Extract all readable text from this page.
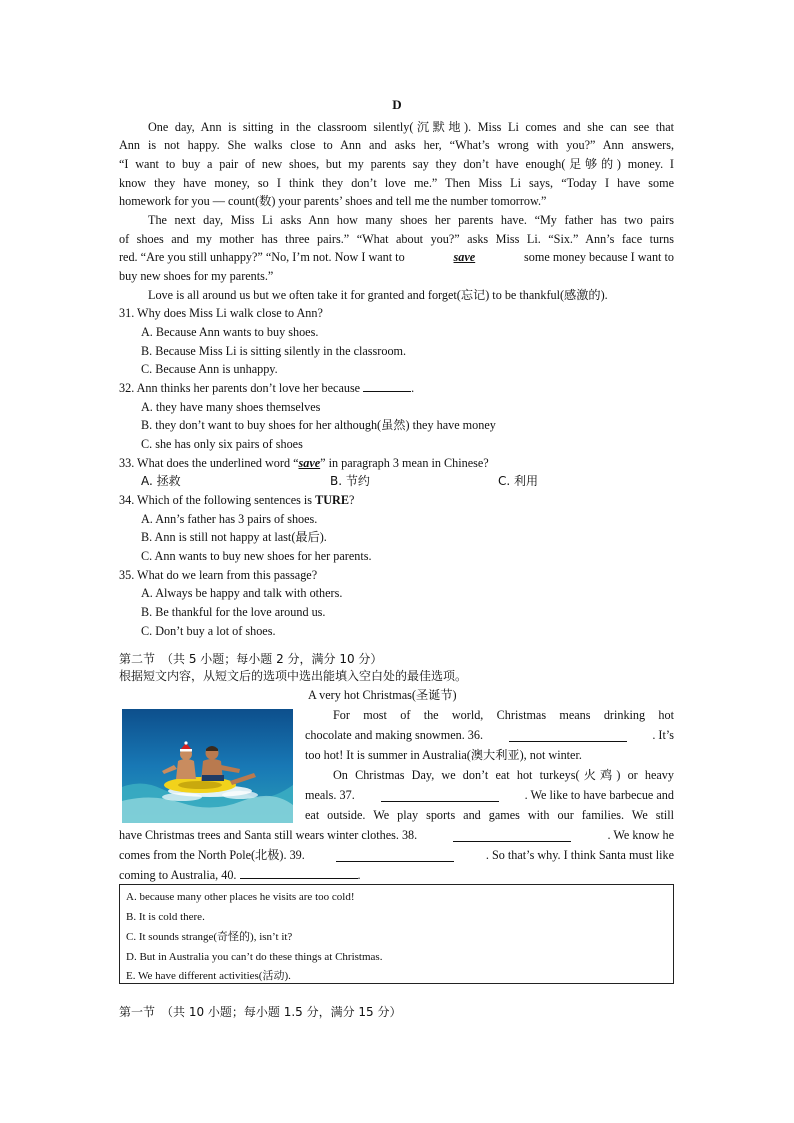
D
One day, Ann is sitting in the classroom silently(沉默地). Miss Li comes and she can see that
Ann is not happy. She walks close to Ann and asks her, “What’s wrong with you?” Ann answers,
“I want to buy a pair of new shoes, but my parents say they don’t have enough(足够的) money. I
know they have money, so I think they don’t love me.” Then Miss Li says, “Today I have some
homework for you — count(数) your parents’ shoes and tell me the number tomorrow.”
The next day, Miss Li asks Ann how many shoes her parents have. “My father has two pairs
of shoes and my mother has three pairs.” “What about you?” asks Miss Li. “Six.” Ann’s face turns
red. “Are you still unhappy?” “No, I’m not. Now I want to	save	some money because I want to
buy new shoes for my parents.”
Love is all around us but we often take it for granted and forget(忘记) to be thankful(感激的).
31. Why does Miss Li walk close to Ann?
A. Because Ann wants to buy shoes.
B. Because Miss Li is sitting silently in the classroom.
C. Because Ann is unhappy.
32. Ann thinks her parents don’t love her because	.
A. they have many shoes themselves
B. they don’t want to buy shoes for her although(虽然) they have money
C. she has only six pairs of shoes
33. What does the underlined word “save” in paragraph 3 mean in Chinese?
A. 拯救	B. 节约	C. 利用
34. Which of the following sentences is TURE?
A. Ann’s father has 3 pairs of shoes.
B. Ann is still not happy at last(最后).
C. Ann wants to buy new shoes for her parents.
35. What do we learn from this passage?
A. Always be happy and talk with others.
B. Be thankful for the love around us.
C. Don’t buy a lot of shoes.
第二节　（共 5 小题；每小题 2 分，满分 10 分）
根据短文内容，从短文后的选项中选出能填入空白处的最佳选项。
A very hot Christmas(圣诞节)
For most of the world, Christmas means drinking hot
chocolate and making snowmen. 36.	. It’s
too hot! It is summer in Australia(澳大利亚), not winter.
On Christmas Day, we don’t eat hot turkeys(火鸡) or heavy
meals. 37.	. We like to have barbecue and
eat outside. We play sports and games with our families. We still
have Christmas trees and Santa still wears winter clothes. 38.	. We know he
comes from the North Pole(北极). 39.	. So that’s why. I think Santa must like
coming to Australia, 40.	.
A. because many other places he visits are too cold!
B. It is cold there.
C. It sounds strange(奇怪的), isn’t it?
D. But in Australia you can’t do these things at Christmas.
E. We have different activities(活动).
第一节　（共 10 小题；每小题 1.5 分，满分 15 分）
